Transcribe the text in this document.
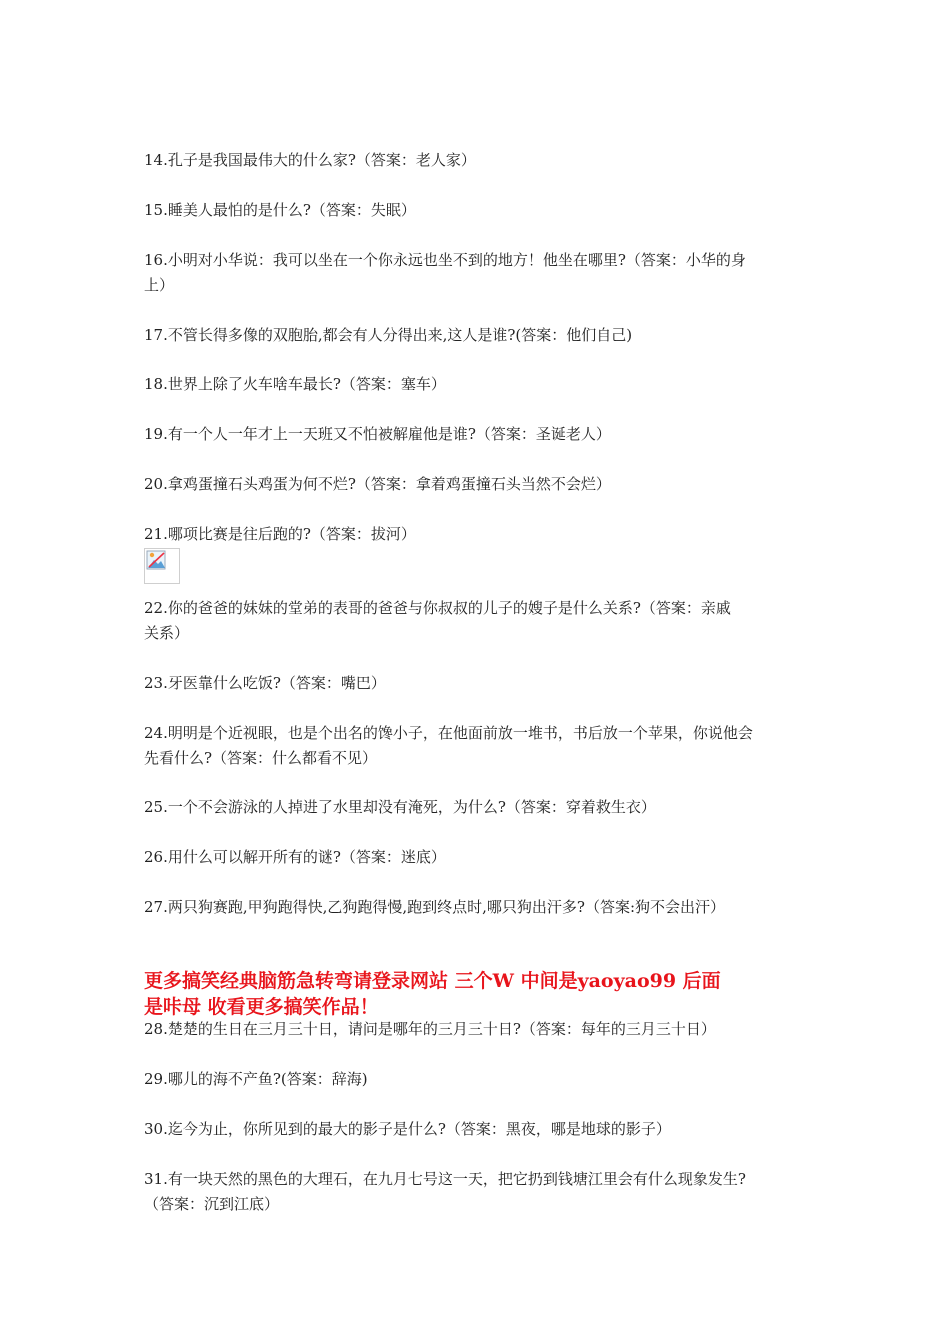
14.孔子是我国最伟大的什么家?（答案：老人家）
15.睡美人最怕的是什么?（答案：失眠）
16.小明对小华说：我可以坐在一个你永远也坐不到的地方！他坐在哪里?（答案：小华的身
上）
17.不管长得多像的双胞胎,都会有人分得出来,这人是谁?(答案：他们自己)
18.世界上除了火车啥车最长?（答案：塞车）
19.有一个人一年才上一天班又不怕被解雇他是谁?（答案：圣诞老人）
20.拿鸡蛋撞石头鸡蛋为何不烂?（答案：拿着鸡蛋撞石头当然不会烂）
21.哪项比赛是往后跑的?（答案：拔河）
22.你的爸爸的妹妹的堂弟的表哥的爸爸与你叔叔的儿子的嫂子是什么关系?（答案：亲戚
关系）
23.牙医靠什么吃饭?（答案：嘴巴）
24.明明是个近视眼，也是个出名的馋小子，在他面前放一堆书，书后放一个苹果，你说他会
先看什么?（答案：什么都看不见）
25.一个不会游泳的人掉进了水里却没有淹死，为什么?（答案：穿着救生衣）
26.用什么可以解开所有的谜?（答案：迷底）
27.两只狗赛跑,甲狗跑得快,乙狗跑得慢,跑到终点时,哪只狗出汗多?（答案:狗不会出汗）
更多搞笑经典脑筋急转弯请登录网站 三个W 中间是yaoyao99 后面
是咔母 收看更多搞笑作品！
28.楚楚的生日在三月三十日，请问是哪年的三月三十日?（答案：每年的三月三十日）
29.哪儿的海不产鱼?(答案：辞海)
30.迄今为止，你所见到的最大的影子是什么?（答案：黑夜，哪是地球的影子）
31.有一块天然的黑色的大理石，在九月七号这一天，把它扔到钱塘江里会有什么现象发生?
（答案：沉到江底）
